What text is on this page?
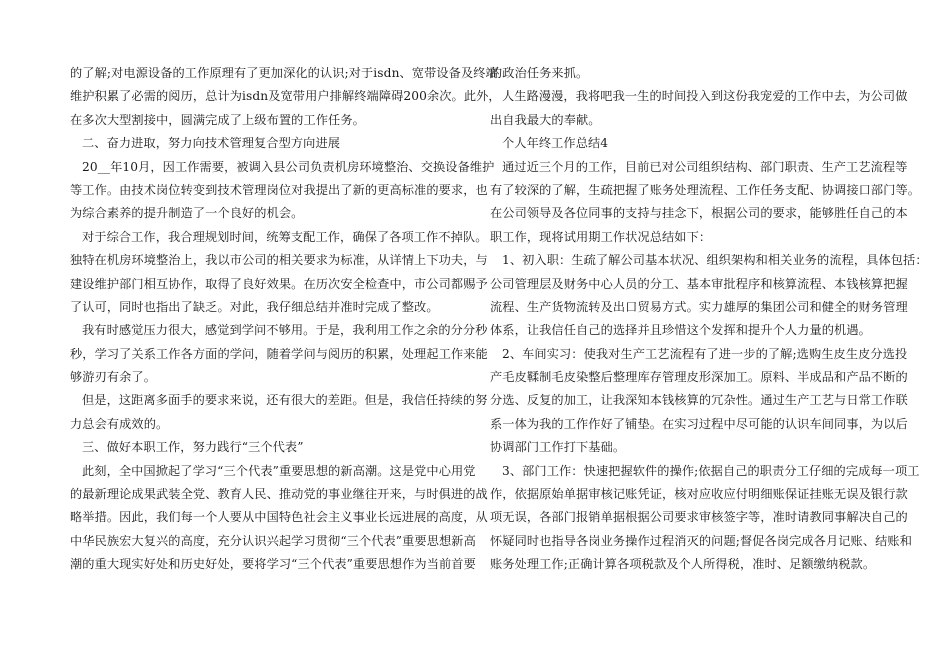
的了解;对电源设备的工作原理有了更加深化的认识;对于isdn、宽带设备及终端
维护积累了必需的阅历，总计为isdn及宽带用户排解终端障碍200余次。此外，
在多次大型割接中，圆满完成了上级布置的工作任务。
二、奋力进取，努力向技术管理复合型方向进展
20__年10月，因工作需要，被调入县公司负责机房环境整治、交换设备维护
等工作。由技术岗位转变到技术管理岗位对我提出了新的更高标准的要求，也
为综合素养的提升制造了一个良好的机会。
对于综合工作，我合理规划时间，统筹支配工作，确保了各项工作不掉队。
独特在机房环境整治上，我以市公司的相关要求为标准，从详情上下功夫，与
建设维护部门相互协作，取得了良好效果。在历次安全检查中，市公司都赐予
了认可，同时也指出了缺乏。对此，我仔细总结并准时完成了整改。
我有时感觉压力很大，感觉到学问不够用。于是，我利用工作之余的分分秒
秒，学习了关系工作各方面的学问，随着学问与阅历的积累，处理起工作来能
够游刃有余了。
但是，这距离多面手的要求来说，还有很大的差距。但是，我信任持续的努
力总会有成效的。
三、做好本职工作，努力践行“三个代表”
此刻，全中国掀起了学习“三个代表”重要思想的新高潮。这是党中心用党
的最新理论成果武装全党、教育人民、推动党的事业继往开来，与时俱进的战
略举措。因此，我们每一个人要从中国特色社会主义事业长远进展的高度，从
中华民族宏大复兴的高度，充分认识兴起学习贯彻“三个代表”重要思想新高
潮的重大现实好处和历史好处，要将学习“三个代表”重要思想作为当前首要
的政治任务来抓。
人生路漫漫，我将吧我一生的时间投入到这份我宠爱的工作中去，为公司做
出自我最大的奉献。
个人年终工作总结4
通过近三个月的工作，目前已对公司组织结构、部门职责、生产工艺流程等
有了较深的了解，生疏把握了账务处理流程、工作任务支配、协调接口部门等。
在公司领导及各位同事的支持与挂念下，根据公司的要求，能够胜任自己的本
职工作，现将试用期工作状况总结如下：
1、初入职：生疏了解公司基本状况、组织架构和相关业务的流程，具体包括：
公司管理层及财务中心人员的分工、基本审批程序和核算流程、本钱核算把握
流程、生产货物流转及出口贸易方式。实力雄厚的集团公司和健全的财务管理
体系，让我信任自己的选择并且珍惜这个发挥和提升个人力量的机遇。
2、车间实习：使我对生产工艺流程有了进一步的了解;选购生皮生皮分选投
产毛皮鞣制毛皮染整后整理库存管理皮形深加工。原料、半成品和产品不断的
分选、反复的加工，让我深知本钱核算的冗杂性。通过生产工艺与日常工作联
系一体为我的工作作好了铺垫。在实习过程中尽可能的认识车间同事，为以后
协调部门工作打下基础。
3、部门工作：快速把握软件的操作;依据自己的职责分工仔细的完成每一项工
作，依据原始单据审核记账凭证，核对应收应付明细账保证挂账无误及银行款
项无误，各部门报销单据根据公司要求审核签字等，准时请教同事解决自己的
怀疑同时也指导各岗业务操作过程消灭的问题;督促各岗完成各月记账、结账和
账务处理工作;正确计算各项税款及个人所得税，准时、足额缴纳税款。
